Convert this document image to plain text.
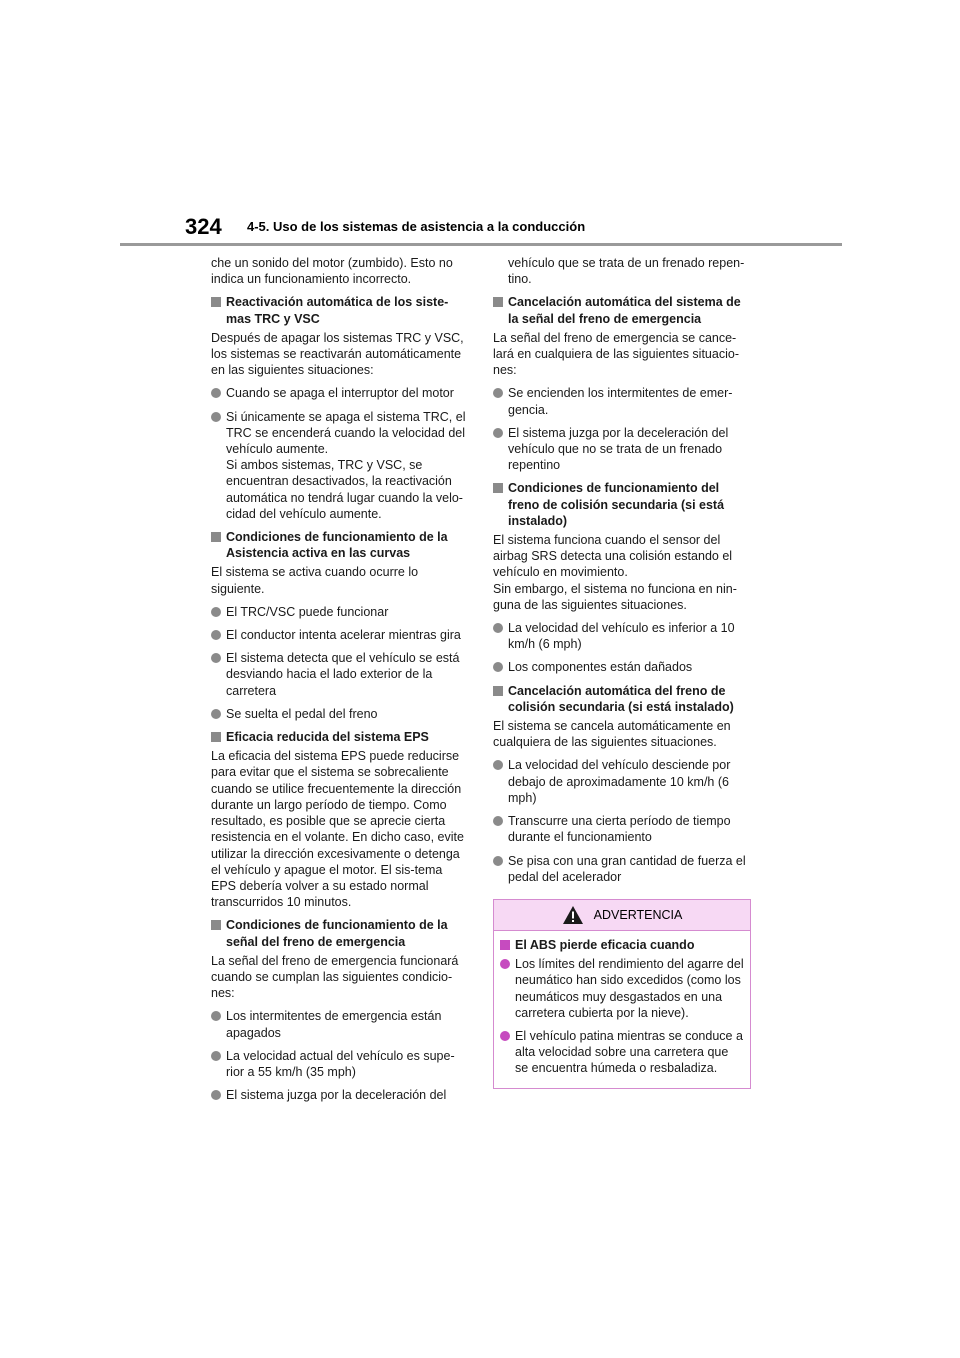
324 4-5. Uso de los sistemas de asistencia a la conducción

che un sonido del motor (zumbido). Esto no indica un funcionamiento incorrecto.

Reactivación automática de los siste-mas TRC y VSC

Después de apagar los sistemas TRC y VSC, los sistemas se reactivarán automáticamente en las siguientes situaciones:

Cuando se apaga el interruptor del motor
Si únicamente se apaga el sistema TRC, el TRC se encenderá cuando la velocidad del vehículo aumente.
Si ambos sistemas, TRC y VSC, se encuentran desactivados, la reactivación automática no tendrá lugar cuando la velo-cidad del vehículo aumente.
Condiciones de funcionamiento de la Asistencia activa en las curvas

El sistema se activa cuando ocurre lo siguiente.

El TRC/VSC puede funcionar
El conductor intenta acelerar mientras gira
El sistema detecta que el vehículo se está desviando hacia el lado exterior de la carretera
Se suelta el pedal del freno
Eficacia reducida del sistema EPS

La eficacia del sistema EPS puede reducirse para evitar que el sistema se sobrecaliente cuando se utilice frecuentemente la dirección durante un largo período de tiempo. Como resultado, es posible que se aprecie cierta resistencia en el volante. En dicho caso, evite utilizar la dirección excesivamente o detenga el vehículo y apague el motor. El sis-tema EPS debería volver a su estado normal transcurridos 10 minutos.

Condiciones de funcionamiento de la señal del freno de emergencia

La señal del freno de emergencia funcionará cuando se cumplan las siguientes condicio-nes:

Los intermitentes de emergencia están apagados
La velocidad actual del vehículo es supe-rior a 55 km/h (35 mph)
El sistema juzga por la deceleración del

vehículo que se trata de un frenado repen-tino.

Cancelación automática del sistema de la señal del freno de emergencia

La señal del freno de emergencia se cance-lará en cualquiera de las siguientes situacio-nes:

Se encienden los intermitentes de emer-gencia.
El sistema juzga por la deceleración del vehículo que no se trata de un frenado repentino
Condiciones de funcionamiento del freno de colisión secundaria (si está instalado)

El sistema funciona cuando el sensor del airbag SRS detecta una colisión estando el vehículo en movimiento.
Sin embargo, el sistema no funciona en nin-guna de las siguientes situaciones.

La velocidad del vehículo es inferior a 10 km/h (6 mph)
Los componentes están dañados
Cancelación automática del freno de colisión secundaria (si está instalado)

El sistema se cancela automáticamente en cualquiera de las siguientes situaciones.

La velocidad del vehículo desciende por debajo de aproximadamente 10 km/h (6 mph)
Transcurre una cierta período de tiempo durante el funcionamiento
Se pisa con una gran cantidad de fuerza el pedal del acelerador
ADVERTENCIA
El ABS pierde eficacia cuando
Los límites del rendimiento del agarre del neumático han sido excedidos (como los neumáticos muy desgastados en una carretera cubierta por la nieve).
El vehículo patina mientras se conduce a alta velocidad sobre una carretera que se encuentra húmeda o resbaladiza.
